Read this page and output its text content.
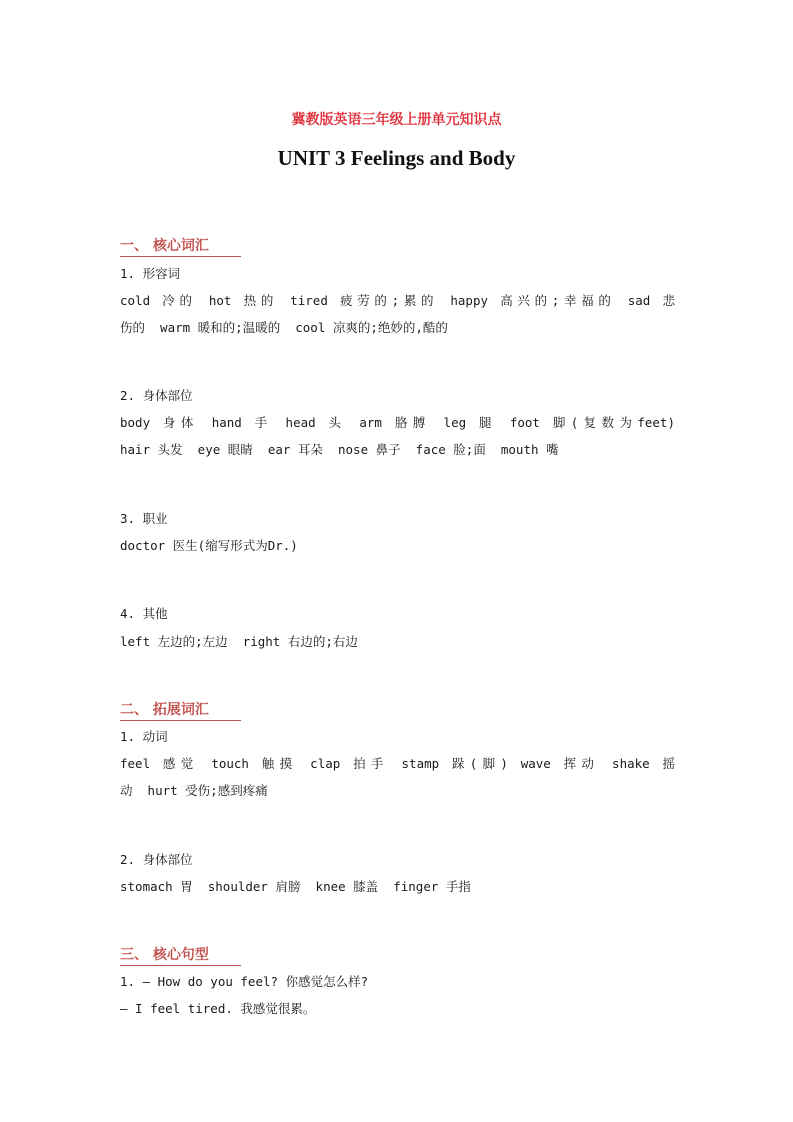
冀教版英语三年级上册单元知识点
UNIT 3 Feelings and Body
一、 核心词汇
1. 形容词
cold 冷的 hot 热的 tired 疲劳的;累的 happy 高兴的;幸福的 sad 悲
伤的  warm 暖和的;温暖的  cool 凉爽的;绝妙的,酷的
2. 身体部位
body 身体 hand 手 head 头 arm 胳膊 leg 腿 foot 脚(复数为feet)
hair 头发  eye 眼睛  ear 耳朵  nose 鼻子  face 脸;面  mouth 嘴
3. 职业
doctor 医生(缩写形式为Dr.)
4. 其他
left 左边的;左边  right 右边的;右边
二、 拓展词汇
1. 动词
feel 感觉 touch 触摸 clap 拍手 stamp 跺(脚) wave 挥动 shake 摇
动  hurt 受伤;感到疼痛
2. 身体部位
stomach 胃  shoulder 肩膀  knee 膝盖  finger 手指
三、 核心句型
1. — How do you feel? 你感觉怎么样?
— I feel tired. 我感觉很累。
